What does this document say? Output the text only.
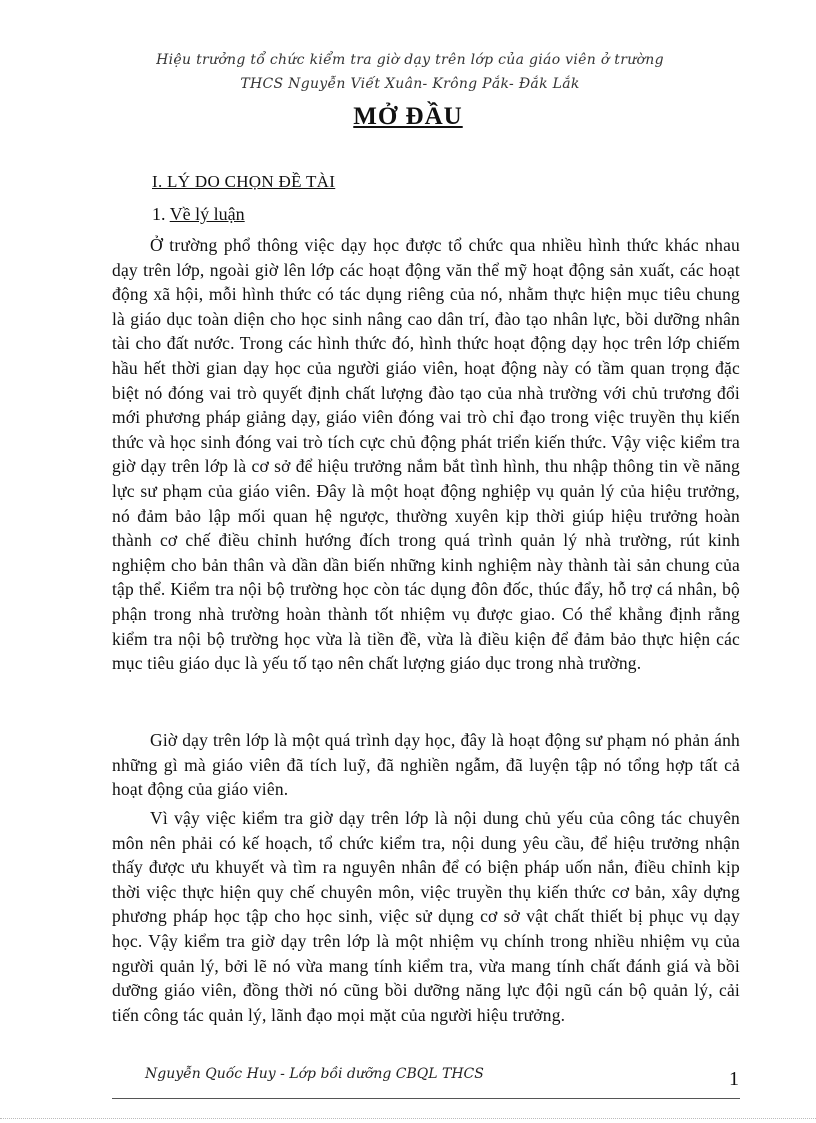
Hiệu trưởng tổ chức kiểm tra giờ dạy trên lớp của giáo viên ở trường
THCS Nguyễn Viết Xuân- Krông Pắk- Đắk Lắk
MỞ ĐẦU
I. LÝ DO CHỌN ĐỀ TÀI
1. Về lý luận

Ở trường phổ thông việc dạy học được tổ chức qua nhiều hình thức khác nhau dạy trên lớp, ngoài giờ lên lớp các hoạt động văn thể mỹ hoạt động sản xuất, các hoạt động xã hội, mỗi hình thức có tác dụng riêng của nó, nhằm thực hiện mục tiêu chung là giáo dục toàn diện cho học sinh nâng cao dân trí, đào tạo nhân lực, bồi dưỡng nhân tài cho đất nước. Trong các hình thức đó, hình thức hoạt động dạy học trên lớp chiếm hầu hết thời gian dạy học của người giáo viên, hoạt động này có tầm quan trọng đặc biệt nó đóng vai trò quyết định chất lượng đào tạo của nhà trường với chủ trương đổi mới phương pháp giảng dạy, giáo viên đóng vai trò chỉ đạo trong việc truyền thụ kiến thức và học sinh đóng vai trò tích cực chủ động phát triển kiến thức. Vậy việc kiểm tra giờ dạy trên lớp là cơ sở để hiệu trưởng nắm bắt tình hình, thu nhập thông tin về năng lực sư phạm của giáo viên. Đây là một hoạt động nghiệp vụ quản lý của hiệu trưởng, nó đảm bảo lập mối quan hệ ngược, thường xuyên kịp thời giúp hiệu trưởng hoàn thành cơ chế điều chỉnh hướng đích trong quá trình quản lý nhà trường, rút kinh nghiệm cho bản thân và dần dần biến những kinh nghiệm này thành tài sản chung của tập thể. Kiểm tra nội bộ trường học còn tác dụng đôn đốc, thúc đẩy, hỗ trợ cá nhân, bộ phận trong nhà trường hoàn thành tốt nhiệm vụ được giao. Có thể khẳng định rằng kiểm tra nội bộ trường học vừa là tiền đề, vừa là điều kiện để đảm bảo thực hiện các mục tiêu giáo dục là yếu tố tạo nên chất lượng giáo dục trong nhà trường.

Giờ dạy trên lớp là một quá trình dạy học, đây là hoạt động sư phạm nó phản ánh những gì mà giáo viên đã tích luỹ, đã nghiền ngẫm, đã luyện tập nó tổng hợp tất cả hoạt động của giáo viên.

Vì vậy việc kiểm tra giờ dạy trên lớp là nội dung chủ yếu của công tác chuyên môn nên phải có kế hoạch, tổ chức kiểm tra, nội dung yêu cầu, để hiệu trưởng nhận thấy được ưu khuyết và tìm ra nguyên nhân để có biện pháp uốn nắn, điều chỉnh kịp thời việc thực hiện quy chế chuyên môn, việc truyền thụ kiến thức cơ bản, xây dựng phương pháp học tập cho học sinh, việc sử dụng cơ sở vật chất thiết bị phục vụ dạy học. Vậy kiểm tra giờ dạy trên lớp là một nhiệm vụ chính trong nhiều nhiệm vụ của người quản lý, bởi lẽ nó vừa mang tính kiểm tra, vừa mang tính chất đánh giá và bồi dưỡng giáo viên, đồng thời nó cũng bồi dưỡng năng lực đội ngũ cán bộ quản lý, cải tiến công tác quản lý, lãnh đạo mọi mặt của người hiệu trưởng.

Nguyễn Quốc Huy - Lớp bồi dưỡng CBQL THCS	1
